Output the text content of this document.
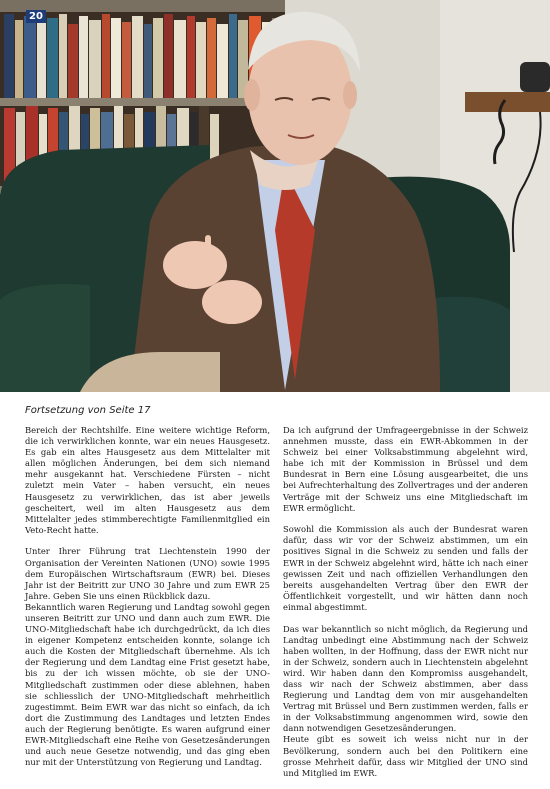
20
Fortsetzung von Seite 17

Bereich der Rechtshilfe. Eine weitere wichtige Reform, die ich verwirklichen konnte, war ein neues Hausgesetz. Es gab ein altes Hausgesetz aus dem Mittelalter mit allen möglichen Änderungen, bei dem sich niemand mehr ausgekannt hat. Verschiedene Fürsten – nicht zuletzt mein Vater – haben versucht, ein neues Hausgesetz zu verwirklichen, das ist aber jeweils gescheitert, weil im alten Hausgesetz aus dem Mittelalter jedes stimmberechtigte Familienmitglied ein Veto-Recht hatte.

Unter Ihrer Führung trat Liechtenstein 1990 der Organisation der Vereinten Nationen (UNO) sowie 1995 dem Europäischen Wirtschaftsraum (EWR) bei. Dieses Jahr ist der Beitritt zur UNO 30 Jahre und zum EWR 25 Jahre. Geben Sie uns einen Rückblick dazu.

Bekanntlich waren Regierung und Landtag sowohl gegen unseren Beitritt zur UNO und dann auch zum EWR. Die UNO-Mitgliedschaft habe ich durchgedrückt, da ich dies in eigener Kompetenz entscheiden konnte, solange ich auch die Kosten der Mitgliedschaft übernehme. Als ich der Regierung und dem Landtag eine Frist gesetzt habe, bis zu der ich wissen möchte, ob sie der UNO-Mitgliedschaft zustimmen oder diese ablehnen, haben sie schliesslich der UNO-Mitgliedschaft mehrheitlich zugestimmt. Beim EWR war das nicht so einfach, da ich dort die Zustimmung des Landtages und letzten Endes auch der Regierung benötigte. Es waren aufgrund einer EWR-Mitgliedschaft eine Reihe von Gesetzesänderungen und auch neue Gesetze notwendig, und das ging eben nur mit der Unterstützung von Regierung und Landtag.

Da ich aufgrund der Umfrageergebnisse in der Schweiz annehmen musste, dass ein EWR-Abkommen in der Schweiz bei einer Volksabstimmung abgelehnt wird, habe ich mit der Kommission in Brüssel und dem Bundesrat in Bern eine Lösung ausgearbeitet, die uns bei Aufrechterhaltung des Zollvertrages und der anderen Verträge mit der Schweiz uns eine Mitgliedschaft im EWR ermöglicht.

Sowohl die Kommission als auch der Bundesrat waren dafür, dass wir vor der Schweiz abstimmen, um ein positives Signal in die Schweiz zu senden und falls der EWR in der Schweiz abgelehnt wird, hätte ich nach einer gewissen Zeit und nach offiziellen Verhandlungen den bereits ausgehandelten Vertrag über den EWR der Öffentlichkeit vorgestellt, und wir hätten dann noch einmal abgestimmt.

Das war bekanntlich so nicht möglich, da Regierung und Landtag unbedingt eine Abstimmung nach der Schweiz haben wollten, in der Hoffnung, dass der EWR nicht nur in der Schweiz, sondern auch in Liechtenstein abgelehnt wird. Wir haben dann den Kompromiss ausgehandelt, dass wir nach der Schweiz abstimmen, aber dass Regierung und Landtag dem von mir ausgehandelten Vertrag mit Brüssel und Bern zustimmen werden, falls er in der Volksabstimmung angenommen wird, sowie den dann notwendigen Gesetzesänderungen.

Heute gibt es soweit ich weiss nicht nur in der Bevölkerung, sondern auch bei den Politikern eine grosse Mehrheit dafür, dass wir Mitglied der UNO sind und Mitglied im EWR.
